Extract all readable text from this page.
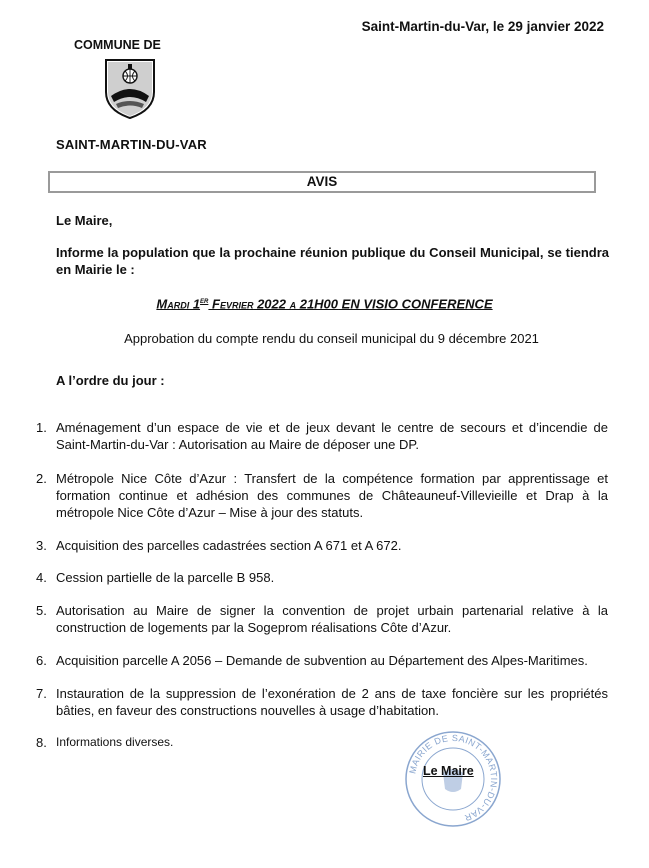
Saint-Martin-du-Var, le 29 janvier 2022
COMMUNE DE
SAINT-MARTIN-DU-VAR
AVIS
Le Maire,
Informe la population que la prochaine réunion publique du Conseil Municipal, se tiendra en Mairie le :
Mardi 1er Fevrier 2022 a 21H00 EN VISIO CONFERENCE
Approbation du compte rendu du conseil municipal du 9 décembre 2021
A l’ordre du jour :
1. Aménagement d’un espace de vie et de jeux devant le centre de secours et d’incendie de Saint-Martin-du-Var : Autorisation au Maire de déposer une DP.
2. Métropole Nice Côte d’Azur : Transfert de la compétence formation par apprentissage et formation continue et adhésion des communes de Châteauneuf-Villevieille et Drap à la métropole Nice Côte d’Azur – Mise à jour des statuts.
3. Acquisition des parcelles cadastrées section A 671 et A 672.
4. Cession partielle de la parcelle B 958.
5. Autorisation au Maire de signer la convention de projet urbain partenarial relative à la construction de logements par la Sogeprom réalisations Côte d’Azur.
6. Acquisition parcelle A 2056 – Demande de subvention au Département des Alpes-Maritimes.
7. Instauration de la suppression de l’exonération de 2 ans de taxe foncière sur les propriétés bâties, en faveur des constructions nouvelles à usage d’habitation.
8. Informations diverses.
MAIRIE DE SAINT-MARTIN-DU-VAR
Le Maire
